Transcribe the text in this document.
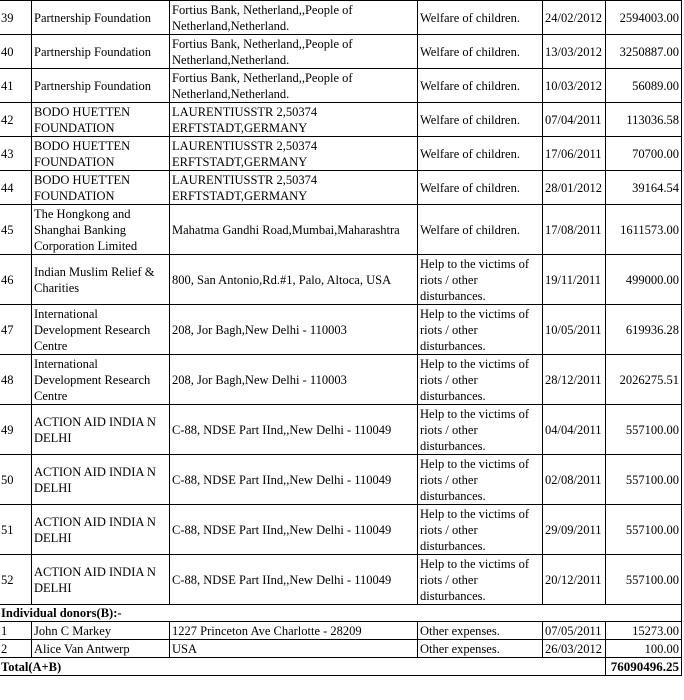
39	Partnership Foundation	Fortius Bank, Netherland,,People of Netherland,Netherland.	Welfare of children.	24/02/2012	2594003.00
40	Partnership Foundation	Fortius Bank, Netherland,,People of Netherland,Netherland.	Welfare of children.	13/03/2012	3250887.00
41	Partnership Foundation	Fortius Bank, Netherland,,People of Netherland,Netherland.	Welfare of children.	10/03/2012	56089.00
42	BODO HUETTEN FOUNDATION	LAURENTIUSSTR 2,50374 ERFTSTADT,GERMANY	Welfare of children.	07/04/2011	113036.58
43	BODO HUETTEN FOUNDATION	LAURENTIUSSTR 2,50374 ERFTSTADT,GERMANY	Welfare of children.	17/06/2011	70700.00
44	BODO HUETTEN FOUNDATION	LAURENTIUSSTR 2,50374 ERFTSTADT,GERMANY	Welfare of children.	28/01/2012	39164.54
45	The Hongkong and Shanghai Banking Corporation Limited	Mahatma Gandhi Road,Mumbai,Maharashtra	Welfare of children.	17/08/2011	1611573.00
46	Indian Muslim Relief & Charities	800, San Antonio,Rd.#1, Palo, Altoca, USA	Help to the victims of riots / other disturbances.	19/11/2011	499000.00
47	International Development Research Centre	208, Jor Bagh,New Delhi - 110003	Help to the victims of riots / other disturbances.	10/05/2011	619936.28
48	International Development Research Centre	208, Jor Bagh,New Delhi - 110003	Help to the victims of riots / other disturbances.	28/12/2011	2026275.51
49	ACTION AID INDIA N DELHI	C-88, NDSE Part IInd,,New Delhi - 110049	Help to the victims of riots / other disturbances.	04/04/2011	557100.00
50	ACTION AID INDIA N DELHI	C-88, NDSE Part IInd,,New Delhi - 110049	Help to the victims of riots / other disturbances.	02/08/2011	557100.00
51	ACTION AID INDIA N DELHI	C-88, NDSE Part IInd,,New Delhi - 110049	Help to the victims of riots / other disturbances.	29/09/2011	557100.00
52	ACTION AID INDIA N DELHI	C-88, NDSE Part IInd,,New Delhi - 110049	Help to the victims of riots / other disturbances.	20/12/2011	557100.00
Individual donors(B):-					
1	John C Markey	1227 Princeton Ave Charlotte - 28209	Other expenses.	07/05/2011	15273.00
2	Alice Van Antwerp	USA	Other expenses.	26/03/2012	100.00
Total(A+B)					76090496.25
